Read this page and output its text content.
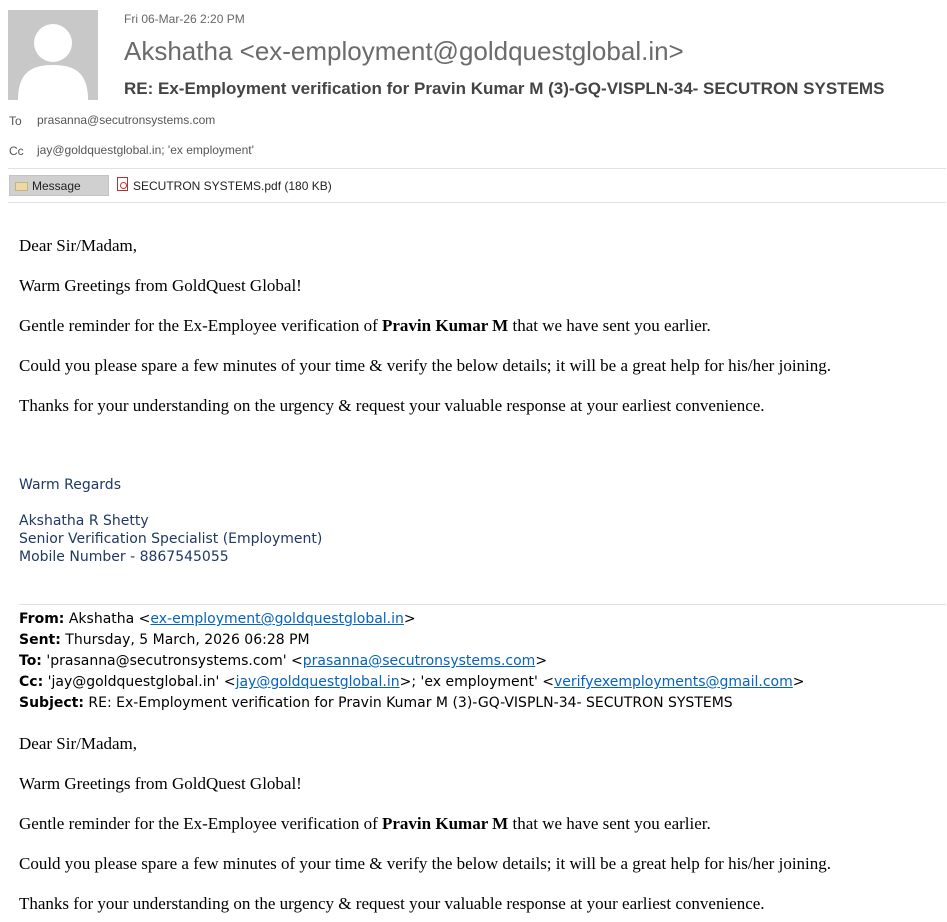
Fri 06-Mar-26 2:20 PM
Akshatha <ex-employment@goldquestglobal.in>
RE: Ex-Employment verification for Pravin Kumar M (3)-GQ-VISPLN-34- SECUTRON SYSTEMS
To prasanna@secutronsystems.com
Cc jay@goldquestglobal.in; 'ex employment'
Message	SECUTRON SYSTEMS.pdf (180 KB)
Dear Sir/Madam,
Warm Greetings from GoldQuest Global!
Gentle reminder for the Ex-Employee verification of Pravin Kumar M that we have sent you earlier.
Could you please spare a few minutes of your time & verify the below details; it will be a great help for his/her joining.
Thanks for your understanding on the urgency & request your valuable response at your earliest convenience.
Warm Regards
Akshatha R Shetty
Senior Verification Specialist (Employment)
Mobile Number - 8867545055
From: Akshatha <ex-employment@goldquestglobal.in>
Sent: Thursday, 5 March, 2026 06:28 PM
To: 'prasanna@secutronsystems.com' <prasanna@secutronsystems.com>
Cc: 'jay@goldquestglobal.in' <jay@goldquestglobal.in>; 'ex employment' <verifyexemployments@gmail.com>
Subject: RE: Ex-Employment verification for Pravin Kumar M (3)-GQ-VISPLN-34- SECUTRON SYSTEMS
Dear Sir/Madam,
Warm Greetings from GoldQuest Global!
Gentle reminder for the Ex-Employee verification of Pravin Kumar M that we have sent you earlier.
Could you please spare a few minutes of your time & verify the below details; it will be a great help for his/her joining.
Thanks for your understanding on the urgency & request your valuable response at your earliest convenience.
